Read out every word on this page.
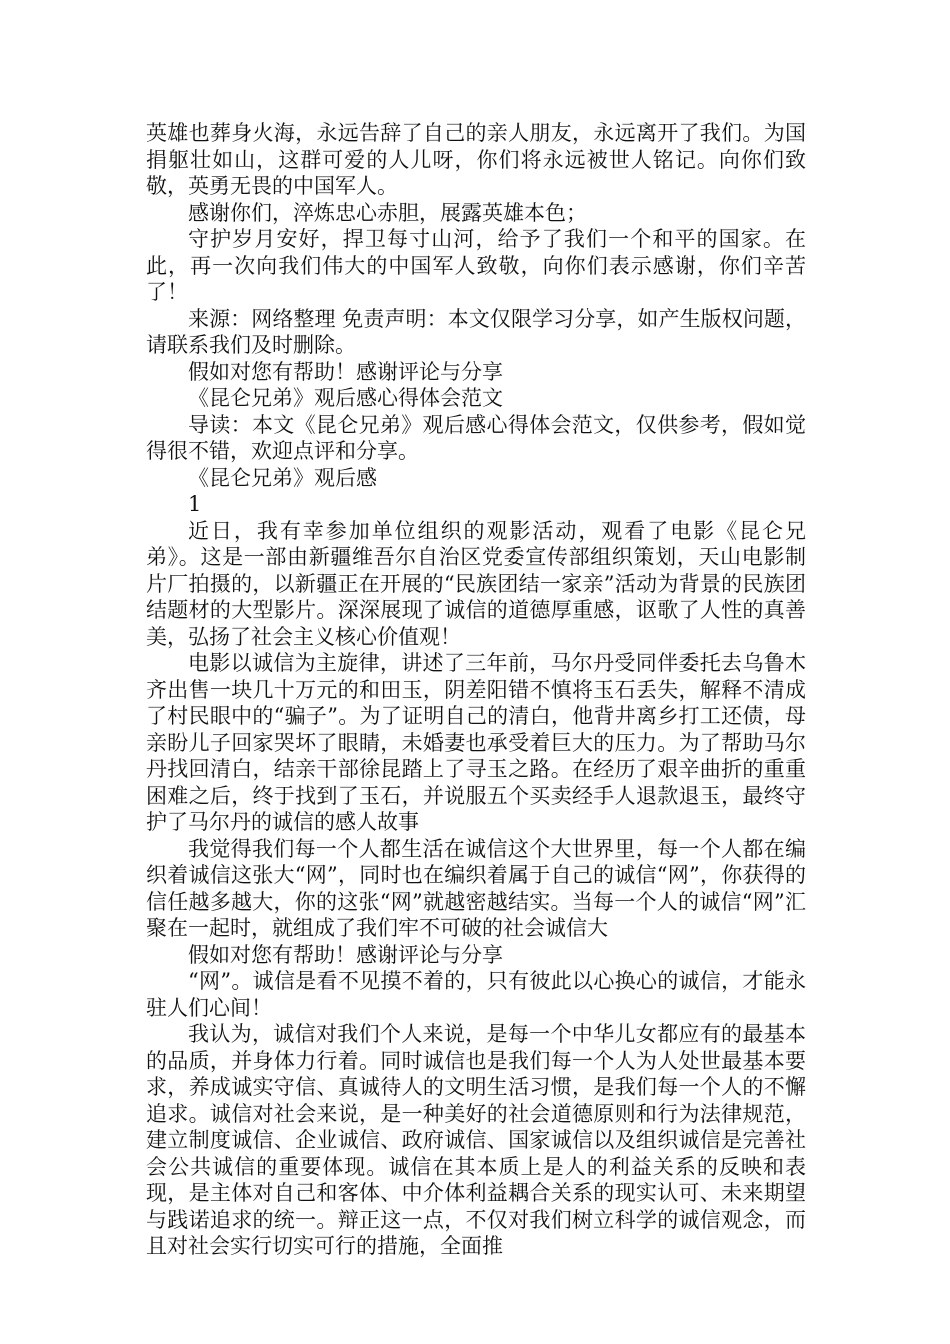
英雄也葬身火海，永远告辞了自己的亲人朋友，永远离开了我们。为国捐躯壮如山，这群可爱的人儿呀，你们将永远被世人铭记。向你们致敬，英勇无畏的中国军人。

感谢你们，淬炼忠心赤胆，展露英雄本色；

守护岁月安好，捍卫每寸山河，给予了我们一个和平的国家。在此，再一次向我们伟大的中国军人致敬，向你们表示感谢，你们辛苦了！

来源：网络整理 免责声明：本文仅限学习分享，如产生版权问题，请联系我们及时删除。

假如对您有帮助！感谢评论与分享

《昆仑兄弟》观后感心得体会范文

导读：本文《昆仑兄弟》观后感心得体会范文，仅供参考，假如觉得很不错，欢迎点评和分享。

《昆仑兄弟》观后感

1

近日，我有幸参加单位组织的观影活动，观看了电影《昆仑兄弟》。这是一部由新疆维吾尔自治区党委宣传部组织策划，天山电影制片厂拍摄的，以新疆正在开展的“民族团结一家亲”活动为背景的民族团结题材的大型影片。深深展现了诚信的道德厚重感，讴歌了人性的真善美，弘扬了社会主义核心价值观！

电影以诚信为主旋律，讲述了三年前，马尔丹受同伴委托去乌鲁木齐出售一块几十万元的和田玉，阴差阳错不慎将玉石丢失，解释不清成了村民眼中的“骗子”。为了证明自己的清白，他背井离乡打工还债，母亲盼儿子回家哭坏了眼睛，未婚妻也承受着巨大的压力。为了帮助马尔丹找回清白，结亲干部徐昆踏上了寻玉之路。在经历了艰辛曲折的重重困难之后，终于找到了玉石，并说服五个买卖经手人退款退玉，最终守护了马尔丹的诚信的感人故事

我觉得我们每一个人都生活在诚信这个大世界里，每一个人都在编织着诚信这张大“网”，同时也在编织着属于自己的诚信“网”，你获得的信任越多越大，你的这张“网”就越密越结实。当每一个人的诚信“网”汇聚在一起时，就组成了我们牢不可破的社会诚信大

假如对您有帮助！感谢评论与分享

“网”。诚信是看不见摸不着的，只有彼此以心换心的诚信，才能永驻人们心间！

我认为，诚信对我们个人来说，是每一个中华儿女都应有的最基本的品质，并身体力行着。同时诚信也是我们每一个人为人处世最基本要求，养成诚实守信、真诚待人的文明生活习惯，是我们每一个人的不懈追求。诚信对社会来说，是一种美好的社会道德原则和行为法律规范，建立制度诚信、企业诚信、政府诚信、国家诚信以及组织诚信是完善社会公共诚信的重要体现。诚信在其本质上是人的利益关系的反映和表现，是主体对自己和客体、中介体利益耦合关系的现实认可、未来期望与践诺追求的统一。辩正这一点，不仅对我们树立科学的诚信观念，而且对社会实行切实可行的措施，全面推
